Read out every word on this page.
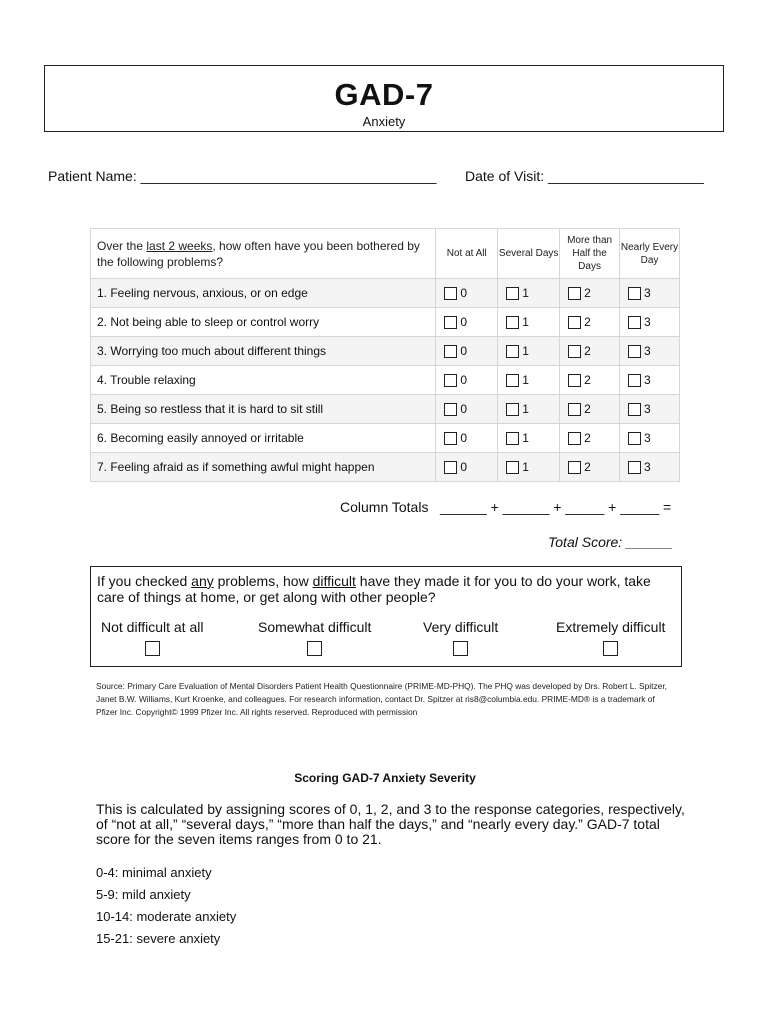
GAD-7
Anxiety
Patient Name: ______________________________________ Date of Visit: ____________________
Over the last 2 weeks, how often have you been bothered by the following problems?	Not at All	Several Days	More than Half the Days	Nearly Every Day
1. Feeling nervous, anxious, or on edge	0	1	2	3
2. Not being able to sleep or control worry	0	1	2	3
3. Worrying too much about different things	0	1	2	3
4. Trouble relaxing	0	1	2	3
5. Being so restless that it is hard to sit still	0	1	2	3
6. Becoming easily annoyed or irritable	0	1	2	3
7. Feeling afraid as if something awful might happen	0	1	2	3
Column Totals ______ + ______ + _____ + _____ =
Total Score: ______
If you checked any problems, how difficult have they made it for you to do your work, take care of things at home, or get along with other people?
Not difficult at all	Somewhat difficult	Very difficult	Extremely difficult
Source: Primary Care Evaluation of Mental Disorders Patient Health Questionnaire (PRIME-MD-PHQ). The PHQ was developed by Drs. Robert L. Spitzer, Janet B.W. Williams, Kurt Kroenke, and colleagues. For research information, contact Dr. Spitzer at ris8@columbia.edu. PRIME-MD® is a trademark of Pfizer Inc. Copyright© 1999 Pfizer Inc. All rights reserved. Reproduced with permission
Scoring GAD-7 Anxiety Severity
This is calculated by assigning scores of 0, 1, 2, and 3 to the response categories, respectively, of “not at all,” “several days,” “more than half the days,” and “nearly every day.” GAD-7 total score for the seven items ranges from 0 to 21.
0-4: minimal anxiety
5-9: mild anxiety
10-14: moderate anxiety
15-21: severe anxiety
